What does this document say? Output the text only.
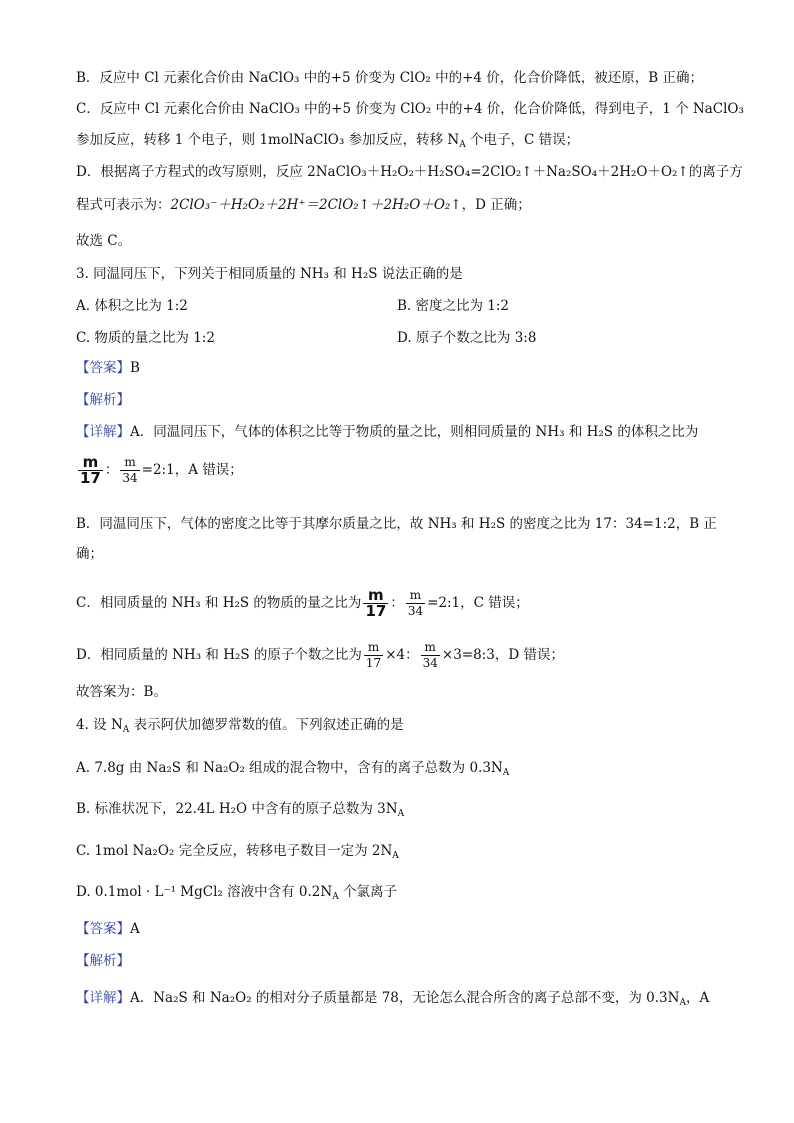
B．反应中 Cl 元素化合价由 NaClO₃ 中的+5 价变为 ClO₂ 中的+4 价，化合价降低，被还原，B 正确；
C．反应中 Cl 元素化合价由 NaClO₃ 中的+5 价变为 ClO₂ 中的+4 价，化合价降低，得到电子，1 个 NaClO₃
参加反应，转移 1 个电子，则 1molNaClO₃ 参加反应，转移 $N_A$ 个电子，C 错误；
D．根据离子方程式的改写原则，反应 2NaClO₃＋H₂O₂＋H₂SO₄=2ClO₂↑＋Na₂SO₄＋2H₂O＋O₂↑的离子方
程式可表示为：2ClO₃⁻＋H₂O₂＋2H⁺＝2ClO₂↑＋2H₂O＋O₂↑，D 正确；
故选 C。
3. 同温同压下，下列关于相同质量的 NH₃ 和 H₂S 说法正确的是
A. 体积之比为 1:2	B. 密度之比为 1:2
C. 物质的量之比为 1:2	D. 原子个数之比为 3:8
【答案】B
【解析】
【详解】A．同温同压下，气体的体积之比等于物质的量之比，则相同质量的 NH₃ 和 H₂S 的体积之比为
$\frac{m}{17}$ ： $\frac{m}{34}$ =2:1，A 错误；
B．同温同压下，气体的密度之比等于其摩尔质量之比，故 NH₃ 和 H₂S 的密度之比为 17：34=1:2，B 正
确；
C．相同质量的 NH₃ 和 H₂S 的物质的量之比为 $\frac{m}{17}$ ： $\frac{m}{34}$ =2:1，C 错误；
D．相同质量的 NH₃ 和 H₂S 的原子个数之比为 $\frac{m}{17} \times 4$： $\frac{m}{34}$ ×3=8:3，D 错误；
故答案为：B。
4. 设 $N_A$ 表示阿伏加德罗常数的值。下列叙述正确的是
A. 7.8g 由 Na₂S 和 Na₂O₂ 组成的混合物中，含有的离子总数为 $0.3N_A$
B. 标准状况下，22.4L H₂O 中含有的原子总数为 $3N_A$
C. 1mol Na₂O₂ 完全反应，转移电子数目一定为 $2N_A$
D. 0.1mol · L⁻¹ MgCl₂ 溶液中含有 $0.2N_A$ 个氯离子
【答案】A
【解析】
【详解】A．Na₂S 和 Na₂O₂ 的相对分子质量都是 78，无论怎么混合所含的离子总部不变，为 $0.3N_A$，A
